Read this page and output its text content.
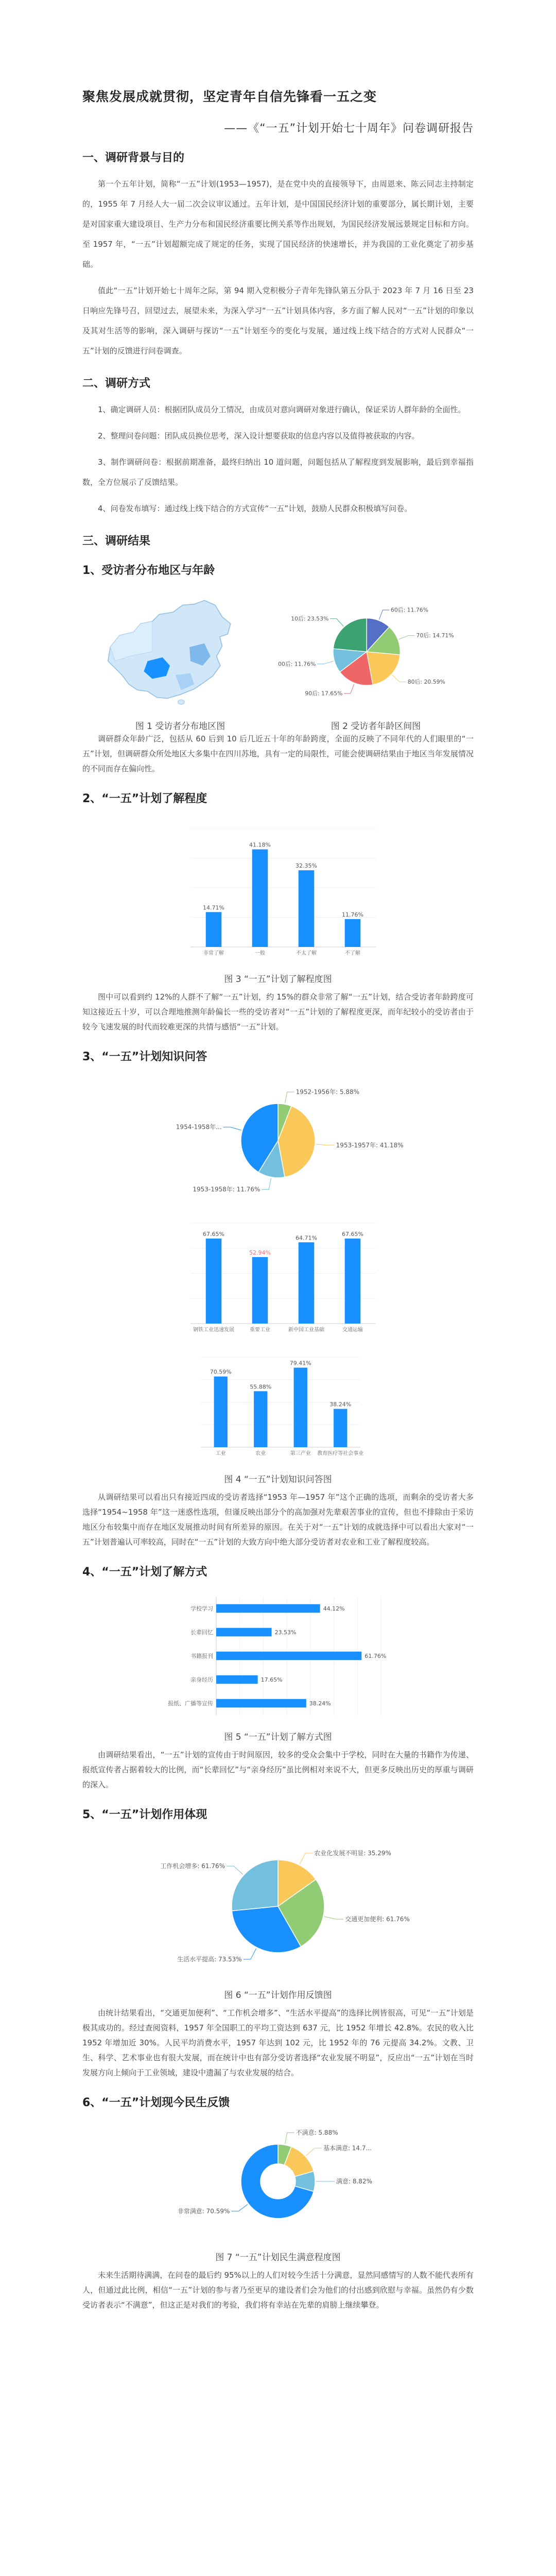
聚焦发展成就贯彻，坚定青年自信先锋看一五之变
——《“一五”计划开始七十周年》问卷调研报告
一、调研背景与目的

第一个五年计划，简称“一五”计划(1953—1957)，是在党中央的直接领导下，由周恩来、陈云同志主持制定的，1955 年 7 月经人大一届二次会议审议通过。五年计划，是中国国民经济计划的重要部分，属长期计划，主要是对国家重大建设项目、生产力分布和国民经济重要比例关系等作出规划，为国民经济发展远景规定目标和方向。至 1957 年，“一五”计划超额完成了规定的任务，实现了国民经济的快速增长，并为我国的工业化奠定了初步基础。

值此“一五”计划开始七十周年之际，第 94 期入党积极分子青年先锋队第五分队于 2023 年 7 月 16 日至 23 日响应先锋号召，回望过去，展望未来，为深入学习“一五”计划具体内容，多方面了解人民对“一五”计划的印象以及其对生活等的影响，深入调研与探访“一五”计划至今的变化与发展，通过线上线下结合的方式对人民群众“一五”计划的反馈进行问卷调查。

二、调研方式

1、确定调研人员：根据团队成员分工情况，由成员对意向调研对象进行确认，保证采访人群年龄的全面性。

2、整理问卷问题：团队成员换位思考，深入设计想要获取的信息内容以及值得被获取的内容。

3、制作调研问卷：根据前期准备，最终归纳出 10 道问题，问题包括从了解程度到发展影响，最后到幸福指数，全方位展示了反馈结果。

4、问卷发布填写：通过线上线下结合的方式宣传“一五”计划，鼓励人民群众积极填写问卷。

三、调研结果
1、受访者分布地区与年龄
60后: 11.76%
70后: 14.71%
80后: 20.59%
90后: 17.65%
00后: 11.76%
10后: 23.53%
图 1 受访者分布地区图	图 2 受访者年龄区间图

调研群众年龄广泛，包括从 60 后到 10 后几近五十年的年龄跨度，全面的反映了不同年代的人们眼里的“一五”计划，但调研群众所处地区大多集中在四川苏地，具有一定的局限性，可能会使调研结果由于地区当年发展情况的不同而存在偏向性。

2、“一五”计划了解程度
14.71%
非常了解
41.18%
一般
32.35%
不太了解
11.76%
不了解
图 3 “一五”计划了解程度图

图中可以看到约 12%的人群不了解“一五”计划，约 15%的群众非常了解“一五”计划，结合受访者年龄跨度可知这接近五十岁，可以合理地推测年龄偏长一些的受访者对“一五”计划的了解程度更深，而年纪较小的受访者由于较今飞速发展的时代而较难更深的共情与感悟“一五”计划。

3、“一五”计划知识问答
1952-1956年: 5.88%
1953-1957年: 41.18%
1953-1958年: 11.76%
1954-1958年...
67.65%
钢铁工业迅速发展
52.94%
重要工业
64.71%
新中国工业基础
67.65%
交通运输
70.59%
工业
55.88%
农业
79.41%
第三产业
38.24%
教育医疗等社会事业
图 4 “一五”计划知识问答图

从调研结果可以看出只有接近四成的受访者选择“1953 年—1957 年”这个正确的选项，而剩余的受访者大多选择“1954~1958 年”这一迷惑性选项，但谨反映出部分个的高加强对先辈艰苦事业的宣传，但也不排除由于采访地区分布较集中而存在地区发展推动时间有所差异的原因。在关于对“一五”计划的成就选择中可以看出大家对“一五”计划普遍认可率较高，同时在“一五”计划的大致方向中绝大部分受访者对农业和工业了解程度较高。

4、“一五”计划了解方式
44.12%
学校学习
23.53%
长辈回忆
61.76%
书籍报刊
17.65%
亲身经历
38.24%
报纸、广播等宣传
图 5 “一五”计划了解方式图

由调研结果看出，“一五”计划的宣传由于时间原因，较多的受众会集中于学校，同时在大量的书籍作为传递、报纸宣传者占据着较大的比例，而“长辈回忆”与“亲身经历”虽比例相对来说不大，但更多反映出历史的厚重与调研的深入。

5、“一五”计划作用体现
农业化发展不明显: 35.29%
交通更加便利: 61.76%
生活水平提高: 73.53%
工作机会增多: 61.76%
图 6 “一五”计划作用反馈图

由统计结果看出，“交通更加便利”、“工作机会增多”、“生活水平提高”的选择比例皆很高，可见“一五”计划是极其成功的。经过查阅资料，1957 年全国职工的平均工资达到 637 元，比 1952 年增长 42.8%。农民的收入比 1952 年增加近 30%。人民平均消费水平，1957 年达到 102 元，比 1952 年的 76 元提高 34.2%。文教、卫生、科学、艺术事业也有很大发展，而在统计中也有部分受访者选择“农业发展不明显”，反应出“一五”计划在当时发展方向上倾向于工业领域，建设中遗漏了与农业发展的结合。

6、“一五”计划现今民生反馈
不满意: 5.88%
基本满意: 14.7...
满意: 8.82%
非常满意: 70.59%
图 7 “一五”计划民生满意程度图

未来生活期待满满，在问卷的最后约 95%以上的人们对较今生活十分满意，显然同感情写的人数不能代表所有人，但通过此比例，相信“一五”计划的参与者乃至更早的建设者们会为他们的付出感到欣慰与幸福。虽然仍有少数受访者表示“不满意”，但这正是对我们的考验，我们将有幸站在先辈的肩膀上继续攀登。
